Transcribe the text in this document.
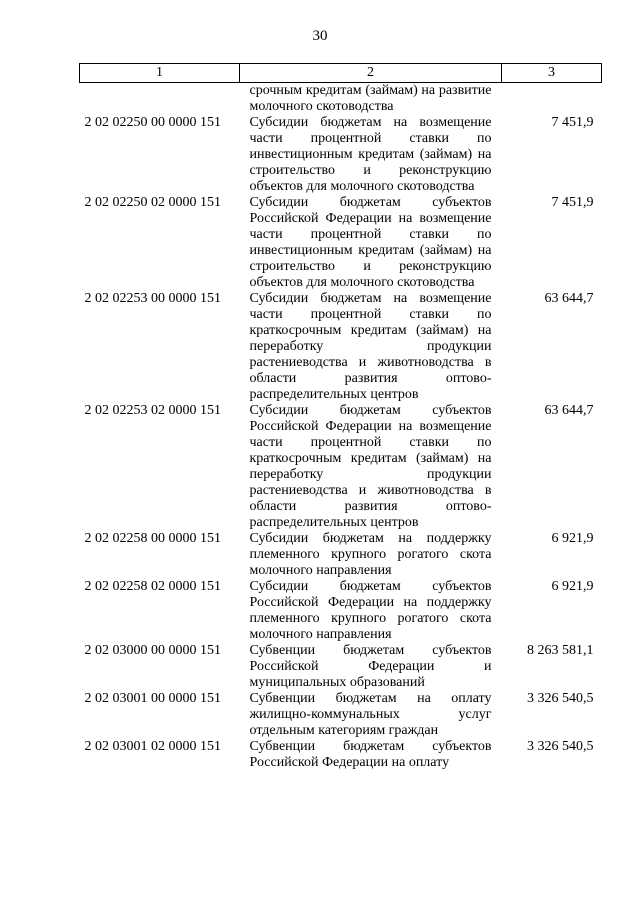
30
1	2	3
	срочным кредитам (займам) на развитие молочного скотоводства	
2 02 02250 00 0000 151	Субсидии бюджетам на возмещение части процентной ставки по инвестиционным кредитам (займам) на строительство и реконструкцию объектов для молочного скотоводства	7 451,9
2 02 02250 02 0000 151	Субсидии бюджетам субъектов Российской Федерации на возмещение части процентной ставки по инвестиционным кредитам (займам) на строительство и реконструкцию объектов для молочного скотоводства	7 451,9
2 02 02253 00 0000 151	Субсидии бюджетам на возмещение части процентной ставки по краткосрочным кредитам (займам) на переработку продукции растениеводства и животноводства в области развития оптово-распределительных центров	63 644,7
2 02 02253 02 0000 151	Субсидии бюджетам субъектов Российской Федерации на возмещение части процентной ставки по краткосрочным кредитам (займам) на переработку продукции растениеводства и животноводства в области развития оптово-распределительных центров	63 644,7
2 02 02258 00 0000 151	Субсидии бюджетам на поддержку племенного крупного рогатого скота молочного направления	6 921,9
2 02 02258 02 0000 151	Субсидии бюджетам субъектов Российской Федерации на поддержку племенного крупного рогатого скота молочного направления	6 921,9
2 02 03000 00 0000 151	Субвенции бюджетам субъектов Российской Федерации и муниципальных образований	8 263 581,1
2 02 03001 00 0000 151	Субвенции бюджетам на оплату жилищно-коммунальных услуг отдельным категориям граждан	3 326 540,5
2 02 03001 02 0000 151	Субвенции бюджетам субъектов Российской Федерации на оплату	3 326 540,5
